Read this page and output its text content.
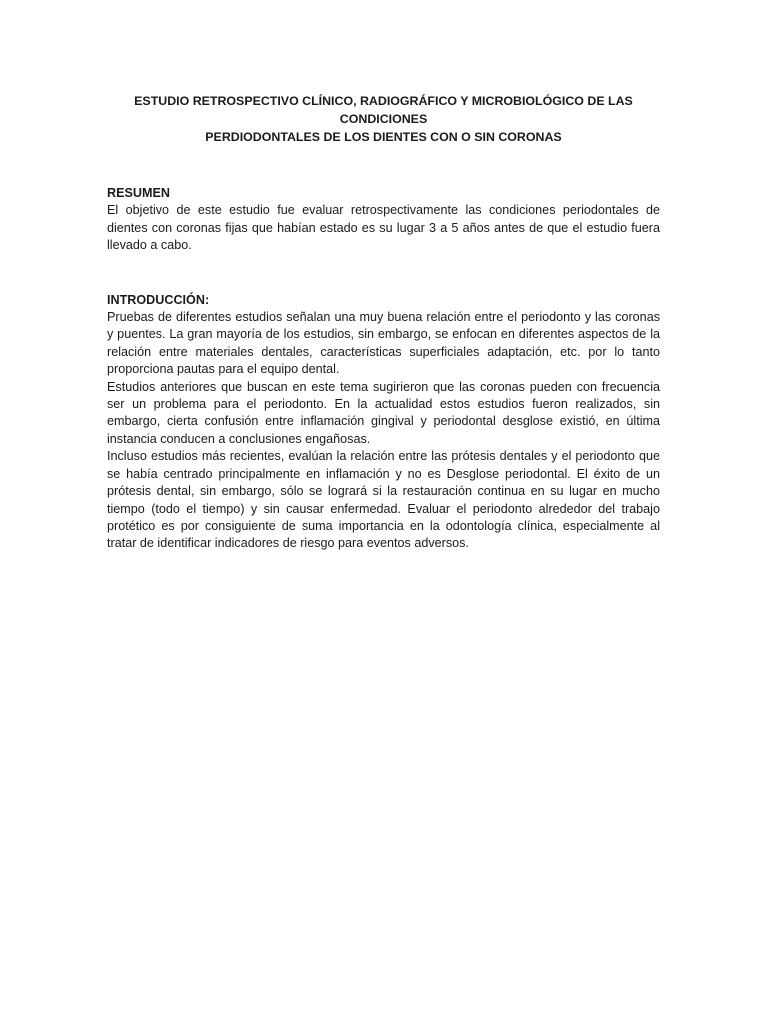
ESTUDIO RETROSPECTIVO CLÍNICO, RADIOGRÁFICO Y MICROBIOLÓGICO DE LAS CONDICIONES
PERDIODONTALES DE LOS DIENTES CON O SIN CORONAS
RESUMEN

El objetivo de este estudio fue evaluar retrospectivamente las condiciones periodontales de dientes con coronas fijas que habían estado es su lugar 3 a 5 años antes de que el estudio fuera llevado a cabo.

INTRODUCCIÓN:

Pruebas de diferentes estudios señalan una muy buena relación entre el periodonto y las coronas y puentes. La gran mayoría de los estudios, sin embargo, se enfocan en diferentes aspectos de la relación entre materiales dentales, características superficiales adaptación, etc. por lo tanto proporciona pautas para el equipo dental.

Estudios anteriores que buscan en este tema sugirieron que las coronas pueden con frecuencia ser un problema para el periodonto. En la actualidad estos estudios fueron realizados, sin embargo, cierta confusión entre inflamación gingival y periodontal desglose existió, en última instancia conducen a conclusiones engañosas.

Incluso estudios más recientes, evalúan la relación entre las prótesis dentales y el periodonto que se había centrado principalmente en inflamación y no es Desglose periodontal. El éxito de un prótesis dental, sin embargo, sólo se logrará si la restauración continua en su lugar en mucho tiempo (todo el tiempo) y sin causar enfermedad. Evaluar el periodonto alrededor del trabajo protético es por consiguiente de suma importancia en la odontología clínica, especialmente al tratar de identificar indicadores de riesgo para eventos adversos.
